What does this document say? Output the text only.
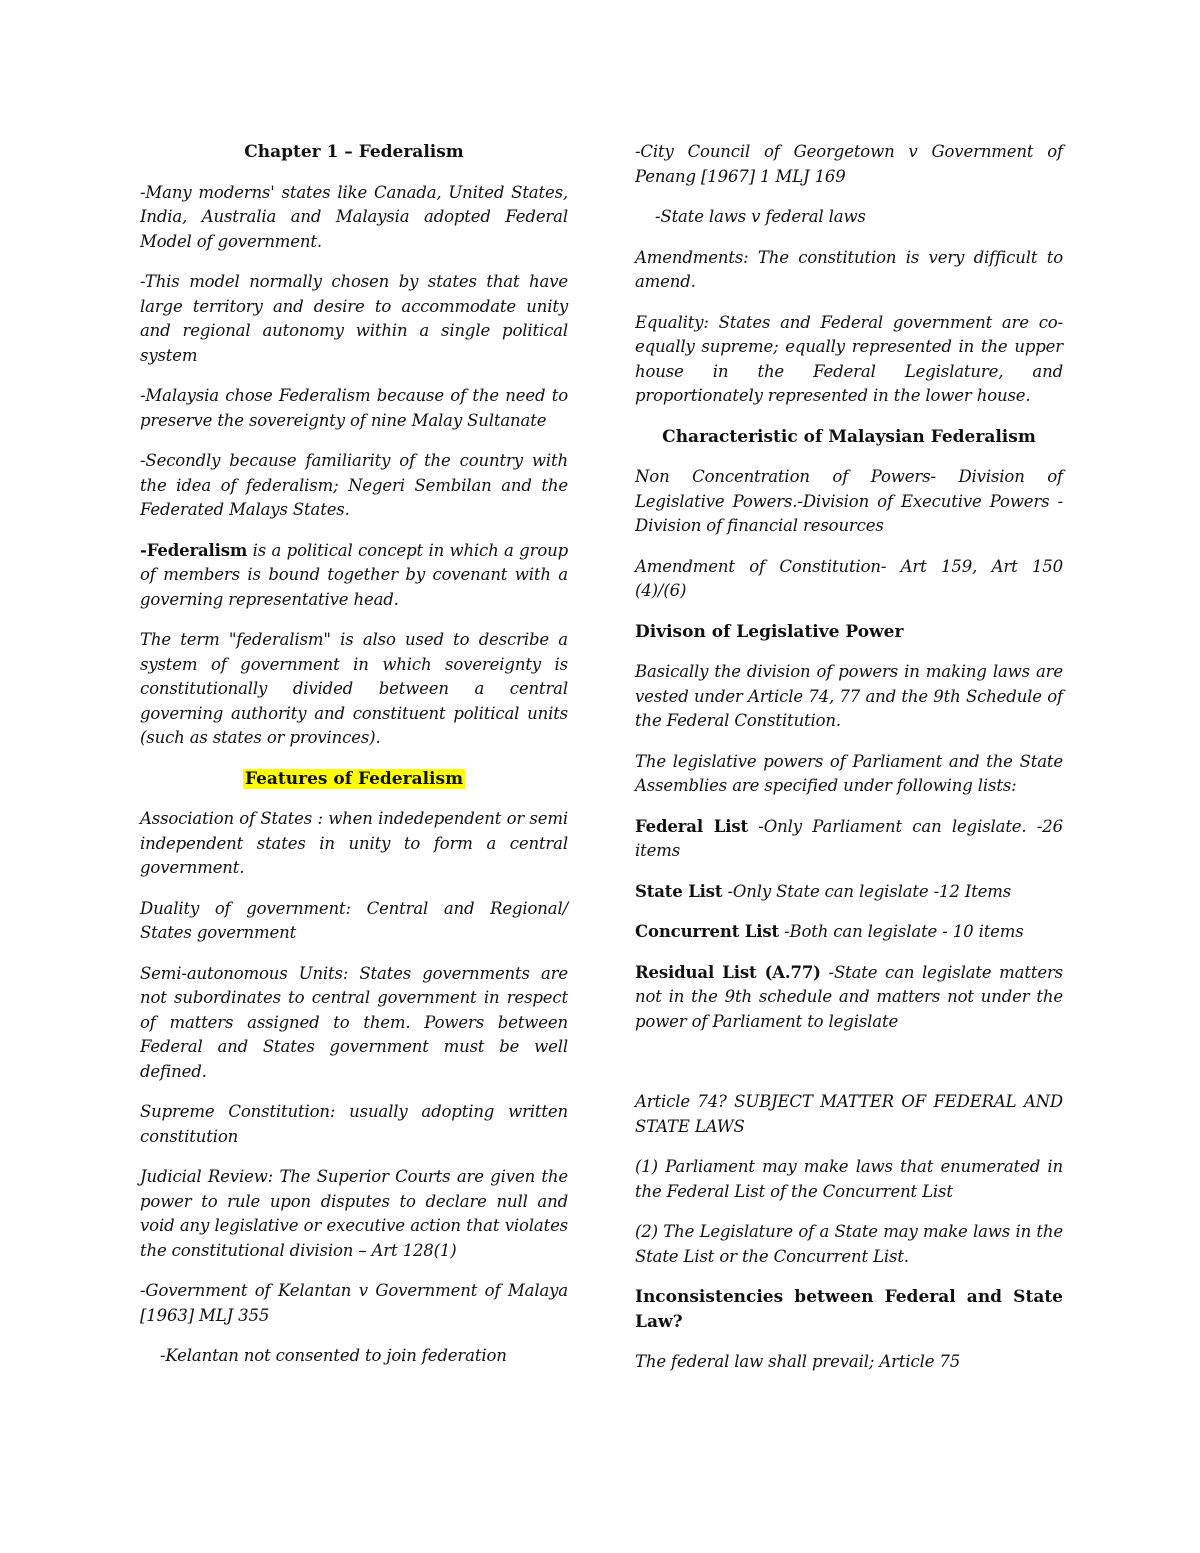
Chapter 1 – Federalism

-Many moderns' states like Canada, United States, India, Australia and Malaysia adopted Federal Model of government.

-This model normally chosen by states that have large territory and desire to accommodate unity and regional autonomy within a single political system

-Malaysia chose Federalism because of the need to preserve the sovereignty of nine Malay Sultanate

-Secondly because familiarity of the country with the idea of federalism; Negeri Sembilan and the Federated Malays States.

-Federalism is a political concept in which a group of members is bound together by covenant with a governing representative head.

The term "federalism" is also used to describe a system of government in which sovereignty is constitutionally divided between a central governing authority and constituent political units (such as states or provinces).

Features of Federalism

Association of States : when indedependent or semi independent states in unity to form a central government.

Duality of government: Central and Regional/ States government

Semi-autonomous Units: States governments are not subordinates to central government in respect of matters assigned to them. Powers between Federal and States government must be well defined.

Supreme Constitution: usually adopting written constitution

Judicial Review: The Superior Courts are given the power to rule upon disputes to declare null and void any legislative or executive action that violates the constitutional division – Art 128(1)

-Government of Kelantan v Government of Malaya [1963] MLJ 355

-Kelantan not consented to join federation

-City Council of Georgetown v Government of Penang [1967] 1 MLJ 169

-State laws v federal laws

Amendments: The constitution is very difficult to amend.

Equality: States and Federal government are co-equally supreme; equally represented in the upper house in the Federal Legislature, and proportionately represented in the lower house.

Characteristic of Malaysian Federalism

Non Concentration of Powers- Division of Legislative Powers.-Division of Executive Powers -Division of financial resources

Amendment of Constitution- Art 159, Art 150 (4)/(6)

Divison of Legislative Power

Basically the division of powers in making laws are vested under Article 74, 77 and the 9th Schedule of the Federal Constitution.

The legislative powers of Parliament and the State Assemblies are specified under following lists:

Federal List -Only Parliament can legislate. -26 items

State List -Only State can legislate -12 Items

Concurrent List -Both can legislate - 10 items

Residual List (A.77) -State can legislate matters not in the 9th schedule and matters not under the power of Parliament to legislate

Article 74? SUBJECT MATTER OF FEDERAL AND STATE LAWS

(1) Parliament may make laws that enumerated in the Federal List of the Concurrent List

(2) The Legislature of a State may make laws in the State List or the Concurrent List.

Inconsistencies between Federal and State Law?

The federal law shall prevail; Article 75
